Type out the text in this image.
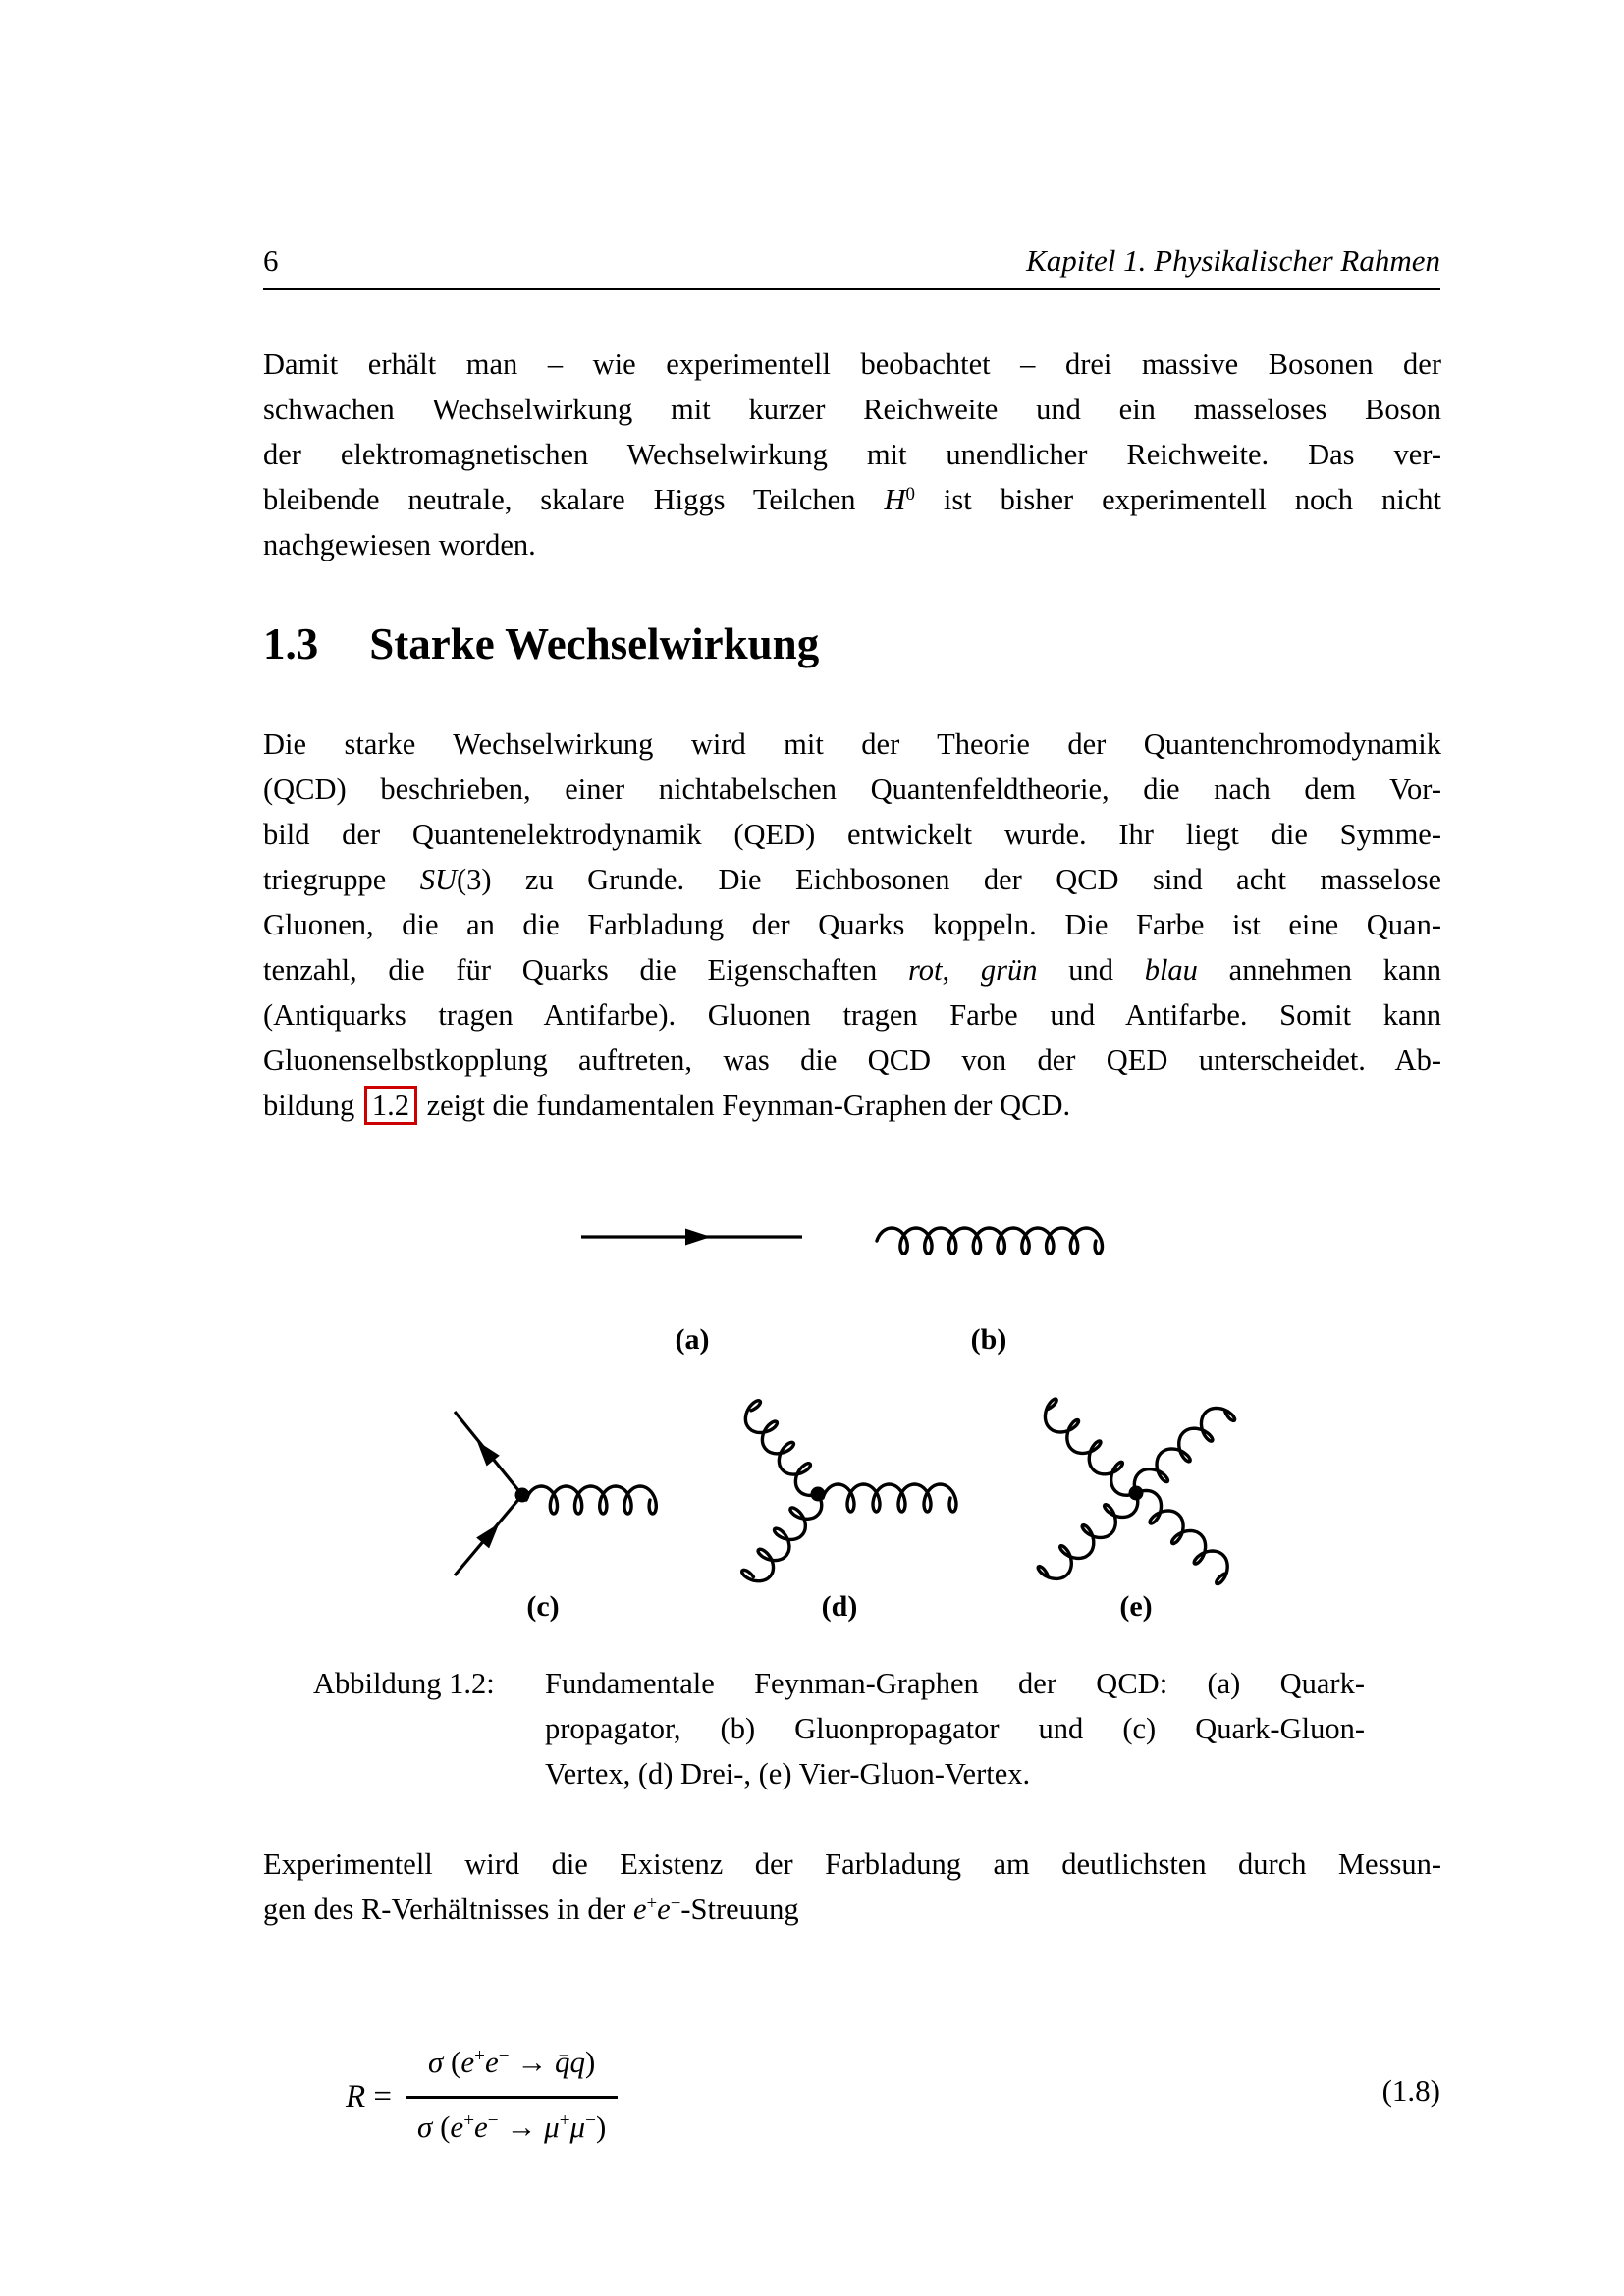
6	Kapitel 1. Physikalischer Rahmen
Damit erhält man – wie experimentell beobachtet – drei massive Bosonen der
schwachen Wechselwirkung mit kurzer Reichweite und ein masseloses Boson
der elektromagnetischen Wechselwirkung mit unendlicher Reichweite. Das ver-
bleibende neutrale, skalare Higgs Teilchen $H^0$ ist bisher experimentell noch nicht
nachgewiesen worden.
1.3 Starke Wechselwirkung
Die starke Wechselwirkung wird mit der Theorie der Quantenchromodynamik
(QCD) beschrieben, einer nichtabelschen Quantenfeldtheorie, die nach dem Vor-
bild der Quantenelektrodynamik (QED) entwickelt wurde. Ihr liegt die Symme-
triegruppe SU(3) zu Grunde. Die Eichbosonen der QCD sind acht masselose
Gluonen, die an die Farbladung der Quarks koppeln. Die Farbe ist eine Quan-
tenzahl, die für Quarks die Eigenschaften rot, grün und blau annehmen kann
(Antiquarks tragen Antifarbe). Gluonen tragen Farbe und Antifarbe. Somit kann
Gluonenselbstkopplung auftreten, was die QCD von der QED unterscheidet. Ab-
bildung 1.2 zeigt die fundamentalen Feynman-Graphen der QCD.
(a)	(b)
(c)	(d)	(e)
Abbildung 1.2: Fundamentale Feynman-Graphen der QCD: (a) Quark-
propagator, (b) Gluonpropagator und (c) Quark-Gluon-
Vertex, (d) Drei-, (e) Vier-Gluon-Vertex.
Experimentell wird die Existenz der Farbladung am deutlichsten durch Messun-
gen des R-Verhältnisses in der e+e−-Streuung
$R = \frac{\sigma (e^+e^- \to q̄q)}{\sigma (e^+e^- \to \mu^+\mu^-)}$	(1.8)
